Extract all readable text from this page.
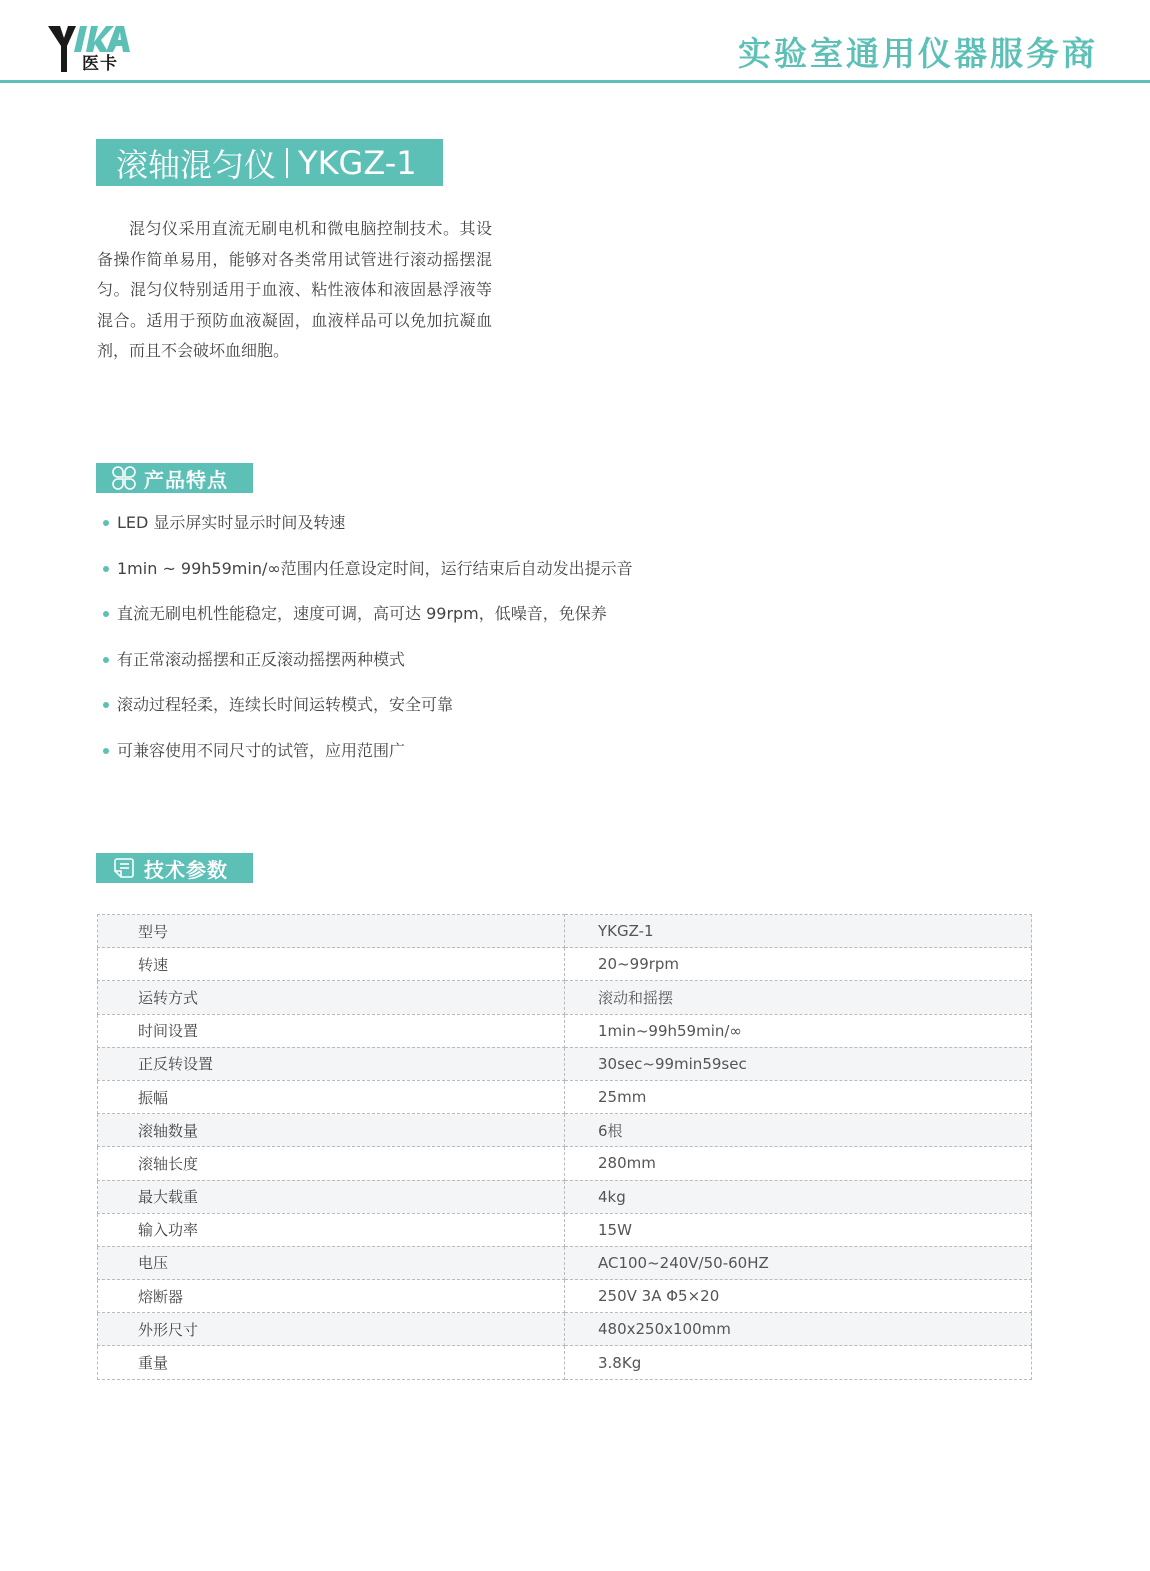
医卡	实验室通用仪器服务商
滚轴混匀仪 YKGZ-1

混匀仪采用直流无刷电机和微电脑控制技术。其设备操作简单易用，能够对各类常用试管进行滚动摇摆混匀。混匀仪特别适用于血液、粘性液体和液固悬浮液等混合。适用于预防血液凝固，血液样品可以免加抗凝血剂，而且不会破坏血细胞。

产品特点
LED 显示屏实时显示时间及转速
1min ~ 99h59min/∞范围内任意设定时间，运行结束后自动发出提示音
直流无刷电机性能稳定，速度可调，高可达 99rpm，低噪音，免保养
有正常滚动摇摆和正反滚动摇摆两种模式
滚动过程轻柔，连续长时间运转模式，安全可靠
可兼容使用不同尺寸的试管，应用范围广
技术参数
型号	YKGZ-1
转速	20~99rpm
运转方式	滚动和摇摆
时间设置	1min~99h59min/∞
正反转设置	30sec~99min59sec
振幅	25mm
滚轴数量	6根
滚轴长度	280mm
最大载重	4kg
输入功率	15W
电压	AC100~240V/50-60HZ
熔断器	250V 3A Φ5×20
外形尺寸	480x250x100mm
重量	3.8Kg
